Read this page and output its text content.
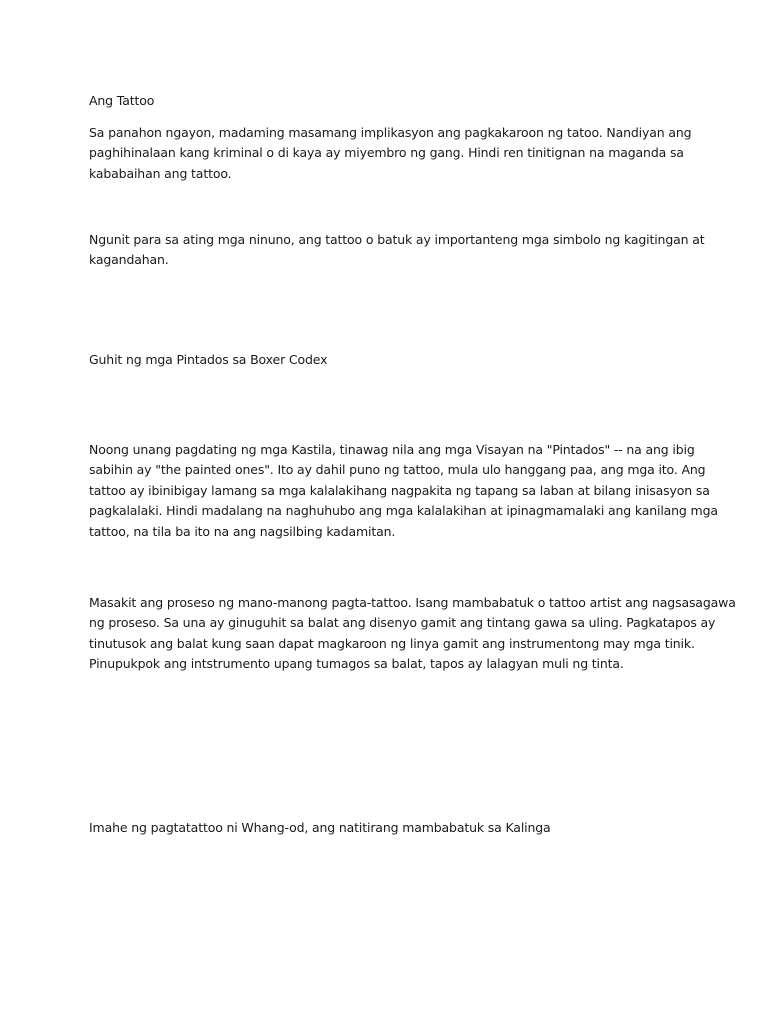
Ang Tattoo

Sa panahon ngayon, madaming masamang implikasyon ang pagkakaroon ng tatoo. Nandiyan ang
paghihinalaan kang kriminal o di kaya ay miyembro ng gang. Hindi ren tinitignan na maganda sa
kababaihan ang tattoo.

Ngunit para sa ating mga ninuno, ang tattoo o batuk ay importanteng mga simbolo ng kagitingan at
kagandahan.

Guhit ng mga Pintados sa Boxer Codex

Noong unang pagdating ng mga Kastila, tinawag nila ang mga Visayan na "Pintados" -- na ang ibig
sabihin ay "the painted ones". Ito ay dahil puno ng tattoo, mula ulo hanggang paa, ang mga ito. Ang
tattoo ay ibinibigay lamang sa mga kalalakihang nagpakita ng tapang sa laban at bilang inisasyon sa
pagkalalaki. Hindi madalang na naghuhubo ang mga kalalakihan at ipinagmamalaki ang kanilang mga
tattoo, na tila ba ito na ang nagsilbing kadamitan.

Masakit ang proseso ng mano-manong pagta-tattoo. Isang mambabatuk o tattoo artist ang nagsasagawa
ng proseso. Sa una ay ginuguhit sa balat ang disenyo gamit ang tintang gawa sa uling. Pagkatapos ay
tinutusok ang balat kung saan dapat magkaroon ng linya gamit ang instrumentong may mga tinik.
Pinupukpok ang intstrumento upang tumagos sa balat, tapos ay lalagyan muli ng tinta.

Imahe ng pagtatattoo ni Whang-od, ang natitirang mambabatuk sa Kalinga
